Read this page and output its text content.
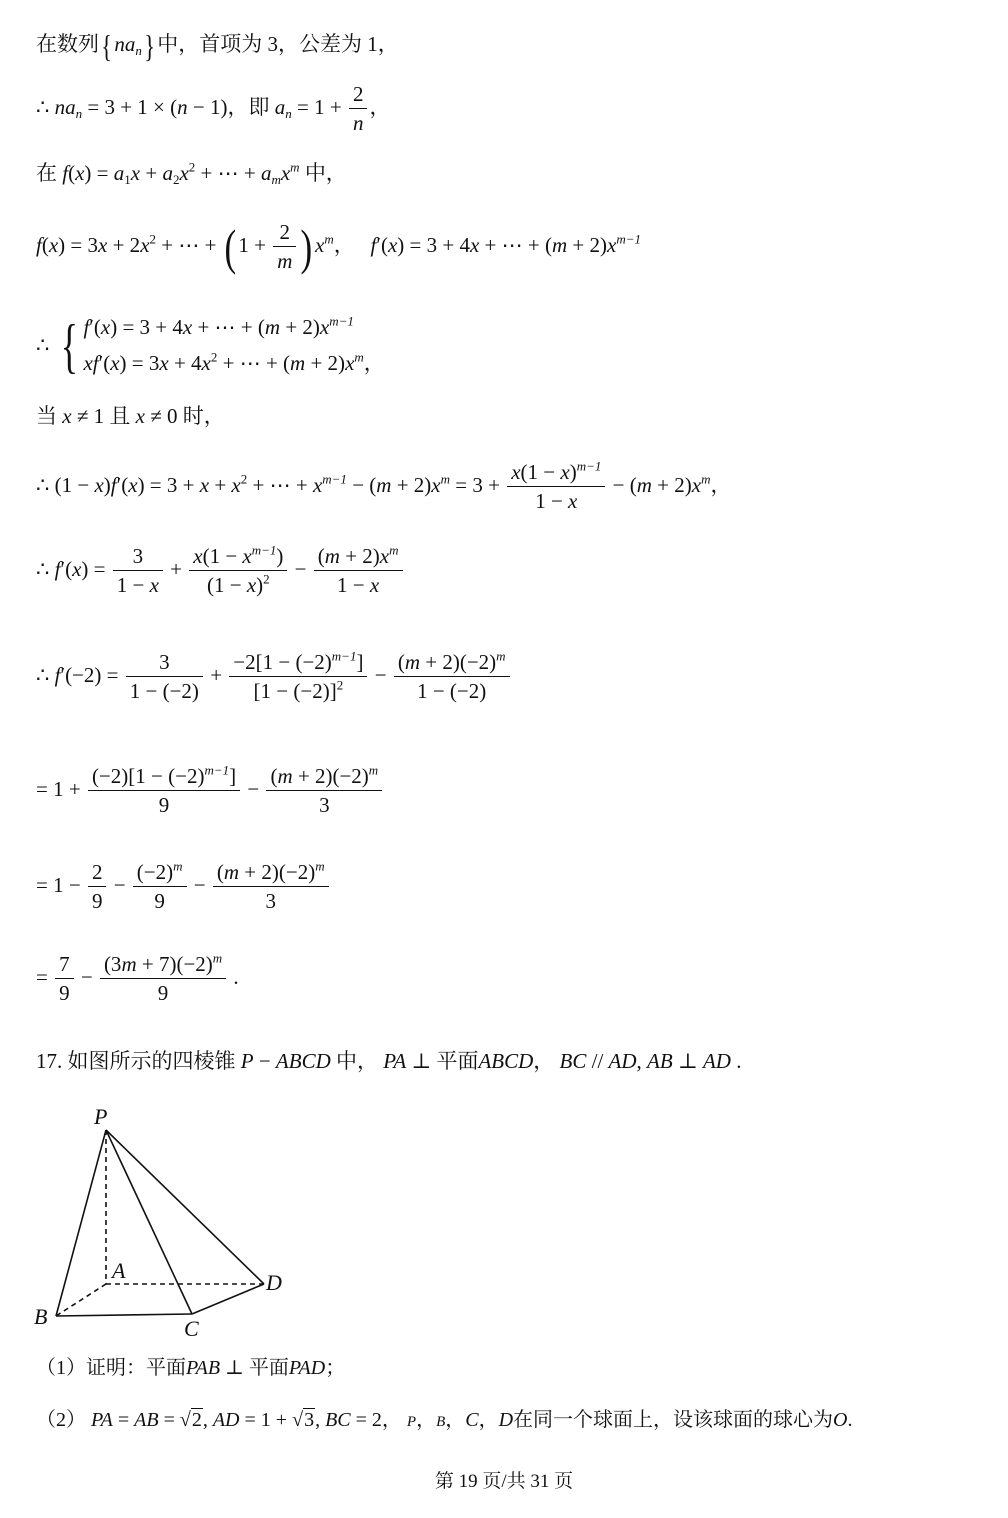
在数列{ $na_n$} 中，首项为 3，公差为 1，
∴ $na_n = 3 + 1 \times (n - 1)$，即 $a_n = 1 + \frac{2}{n}$ ，
在 $f(x) = a_1x + a_2x^2$ + ⋯ + $a_mx^m$ 中，
$f(x) = 3x + 2x^2$ + ⋯ + ( $1 + \frac{2}{m}$ ) $x^m$，   f′(x) = 3 + 4x + ⋯ + $(m + 2)x^{m-1}$
∴ { f′(x) = 3 + 4x + ⋯ + $(m + 2)x^{m-1}$
$xf'(x) = 3x + 4x^2$ + ⋯ + $(m + 2)x^m$，
当 x ≠ 1 且 x ≠ 0 时，
∴ $(1 - x)f'(x) = 3 + x + x^2$ + ⋯ + $x^{m-1} - (m + 2)x^m = 3 + \frac{x(1 - x)^{m-1}}{1 - x} - (m + 2)x^m$，
∴ $f'(x) = \frac{3}{1 - x} + \frac{x(1 - x^{m-1})}{(1 - x)^2} - \frac{(m + 2)x^m}{1 - x}$
∴ $f'(-2) = \frac{3}{1 - (-2)} + \frac{-2[1 - (-2)^{m-1}]}{[1 - (-2)]^2} - \frac{(m + 2)(-2)^m}{1 - (-2)}$
= $1 + \frac{(-2)[1 - (-2)^{m-1}]}{9} - \frac{(m + 2)(-2)^m}{3}$
= $1 - \frac{2}{9} - \frac{(-2)^m}{9} - \frac{(m + 2)(-2)^m}{3}$
= $\frac{7}{9} - \frac{(3m + 7)(-2)^m}{9}$ .
17. 如图所示的四棱锥 P − ABCD 中， PA ⊥ 平面ABCD， BC // AD, AB ⊥ AD .
P
A
B	C
D
（1）证明：平面PAB ⊥ 平面PAD；
（2） PA = AB = √2, AD = 1 + √3, BC = 2， P，B，C，D在同一个球面上，设该球面的球心为O.
第 19 页/共 31 页
